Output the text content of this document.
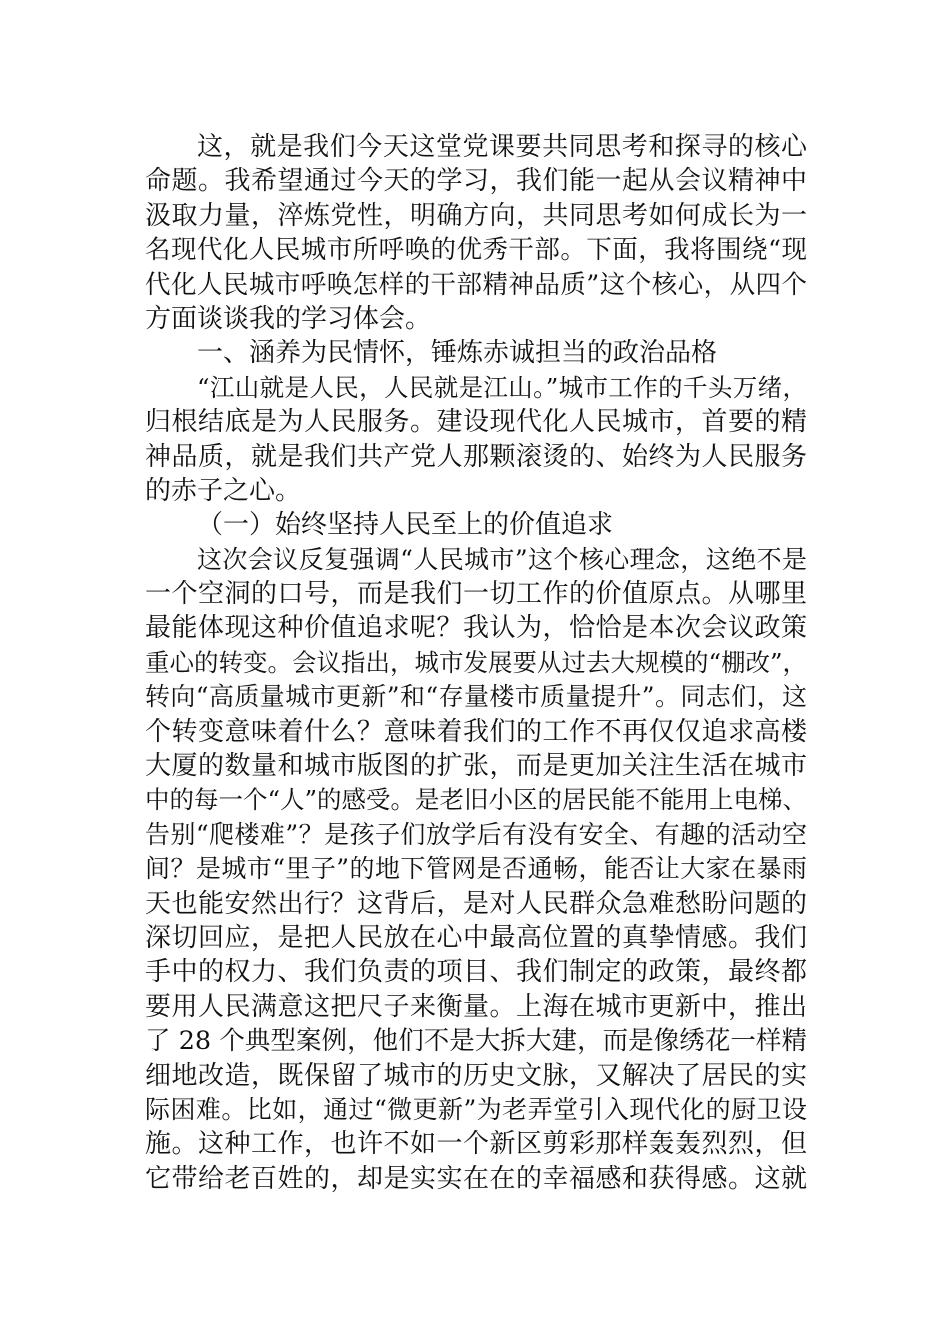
这，就是我们今天这堂党课要共同思考和探寻的核心
命题。我希望通过今天的学习，我们能一起从会议精神中
汲取力量，淬炼党性，明确方向，共同思考如何成长为一
名现代化人民城市所呼唤的优秀干部。下面，我将围绕“现
代化人民城市呼唤怎样的干部精神品质”这个核心，从四个
方面谈谈我的学习体会。
一、涵养为民情怀，锤炼赤诚担当的政治品格
“江山就是人民，人民就是江山。”城市工作的千头万绪，
归根结底是为人民服务。建设现代化人民城市，首要的精
神品质，就是我们共产党人那颗滚烫的、始终为人民服务
的赤子之心。
（一）始终坚持人民至上的价值追求
这次会议反复强调“人民城市”这个核心理念，这绝不是
一个空洞的口号，而是我们一切工作的价值原点。从哪里
最能体现这种价值追求呢？我认为，恰恰是本次会议政策
重心的转变。会议指出，城市发展要从过去大规模的“棚改”，
转向“高质量城市更新”和“存量楼市质量提升”。同志们，这
个转变意味着什么？意味着我们的工作不再仅仅追求高楼
大厦的数量和城市版图的扩张，而是更加关注生活在城市
中的每一个“人”的感受。是老旧小区的居民能不能用上电梯、
告别“爬楼难”？是孩子们放学后有没有安全、有趣的活动空
间？是城市“里子”的地下管网是否通畅，能否让大家在暴雨
天也能安然出行？这背后，是对人民群众急难愁盼问题的
深切回应，是把人民放在心中最高位置的真挚情感。我们
手中的权力、我们负责的项目、我们制定的政策，最终都
要用人民满意这把尺子来衡量。上海在城市更新中，推出
了 28 个典型案例，他们不是大拆大建，而是像绣花一样精
细地改造，既保留了城市的历史文脉，又解决了居民的实
际困难。比如，通过“微更新”为老弄堂引入现代化的厨卫设
施。这种工作，也许不如一个新区剪彩那样轰轰烈烈，但
它带给老百姓的，却是实实在在的幸福感和获得感。这就
